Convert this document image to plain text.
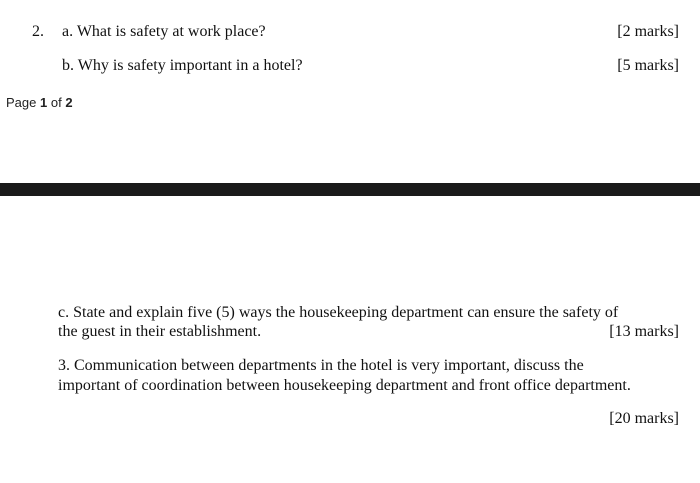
2. a. What is safety at work place?	[2 marks]
b. Why is safety important in a hotel?	[5 marks]
Page 1 of 2
c. State and explain five (5) ways the housekeeping department can ensure the safety of
the guest in their establishment.	[13 marks]
3. Communication between departments in the hotel is very important, discuss the
important of coordination between housekeeping department and front office department.
[20 marks]
